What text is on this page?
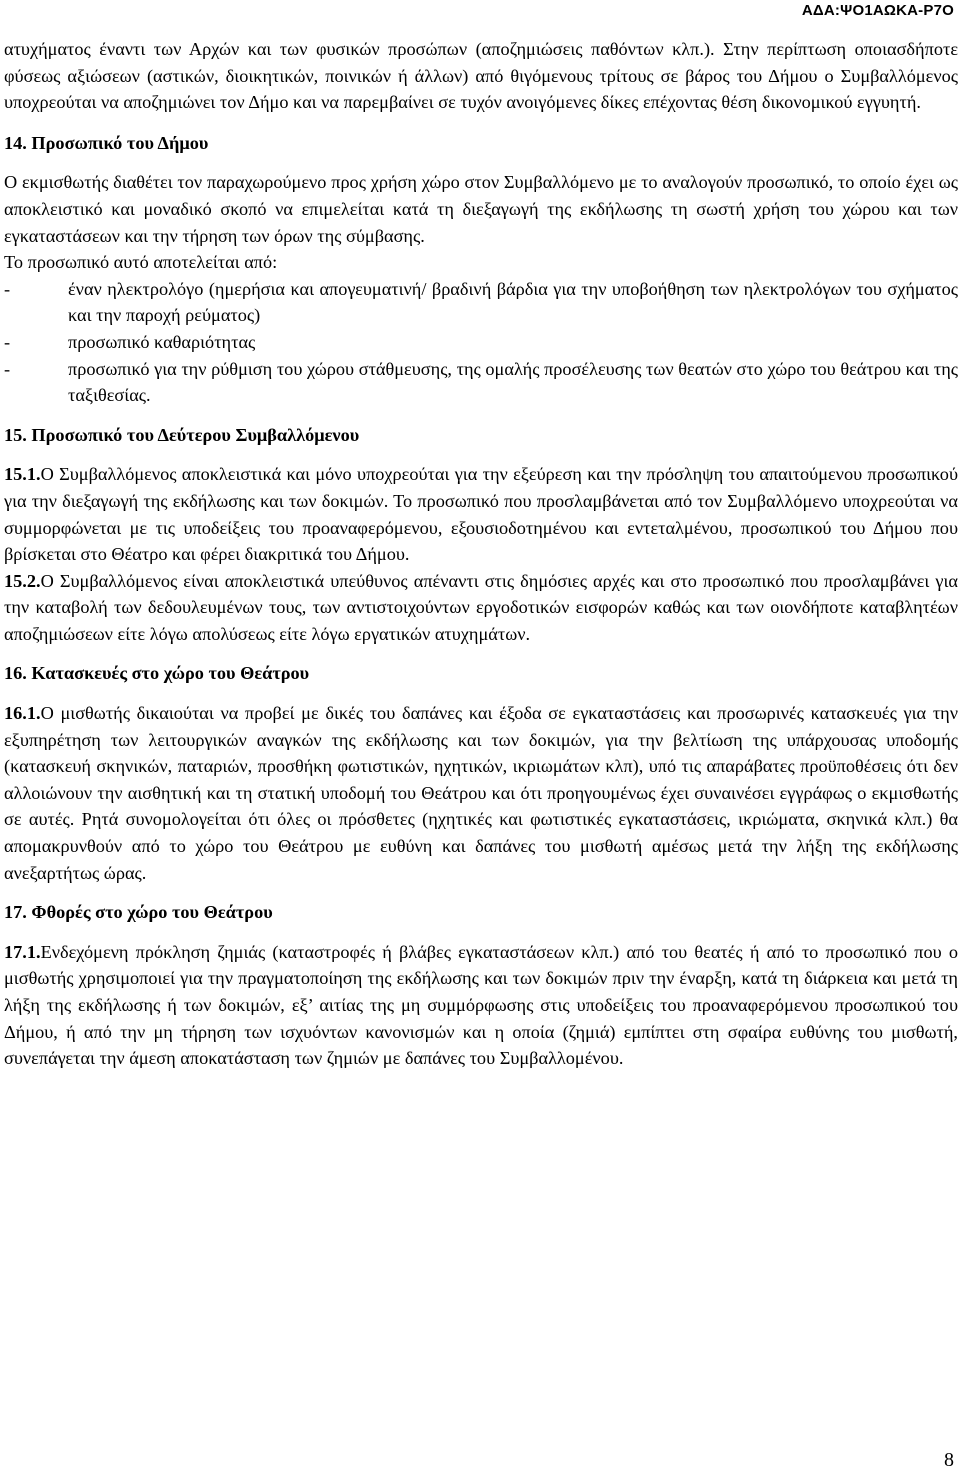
ΑΔΑ:ΨΟ1ΑΩΚΑ-Ρ7Ο

ατυχήματος έναντι των Αρχών και των φυσικών προσώπων (αποζημιώσεις παθόντων κλπ.). Στην περίπτωση οποιασδήποτε φύσεως αξιώσεων (αστικών, διοικητικών, ποινικών ή άλλων) από θιγόμενους τρίτους σε βάρος του Δήμου ο Συμβαλλόμενος υποχρεούται να αποζημιώνει τον Δήμο και να παρεμβαίνει σε τυχόν ανοιγόμενες δίκες επέχοντας θέση δικονομικού εγγυητή.

14. Προσωπικό του Δήμου

Ο εκμισθωτής διαθέτει τον παραχωρούμενο προς χρήση χώρο στον Συμβαλλόμενο με το αναλογούν προσωπικό, το οποίο έχει ως αποκλειστικό και μοναδικό σκοπό να επιμελείται κατά τη διεξαγωγή της εκδήλωσης τη σωστή χρήση του χώρου και των εγκαταστάσεων και την τήρηση των όρων της σύμβασης.

Το προσωπικό αυτό αποτελείται από:

-	έναν ηλεκτρολόγο (ημερήσια και απογευματινή/ βραδινή βάρδια για την υποβοήθηση των ηλεκτρολόγων του σχήματος και την παροχή ρεύματος)
-	προσωπικό καθαριότητας
-	προσωπικό για την ρύθμιση του χώρου στάθμευσης, της ομαλής προσέλευσης των θεατών στο χώρο του θεάτρου και της ταξιθεσίας.

15. Προσωπικό του Δεύτερου Συμβαλλόμενου

15.1.Ο Συμβαλλόμενος αποκλειστικά και μόνο υποχρεούται για την εξεύρεση και την πρόσληψη του απαιτούμενου προσωπικού για την διεξαγωγή της εκδήλωσης και των δοκιμών. Το προσωπικό που προσλαμβάνεται από τον Συμβαλλόμενο υποχρεούται να συμμορφώνεται με τις υποδείξεις του προαναφερόμενου, εξουσιοδοτημένου και εντεταλμένου, προσωπικού του Δήμου που βρίσκεται στο Θέατρο και φέρει διακριτικά του Δήμου.

15.2.Ο Συμβαλλόμενος είναι αποκλειστικά υπεύθυνος απέναντι στις δημόσιες αρχές και στο προσωπικό που προσλαμβάνει για την καταβολή των δεδουλευμένων τους, των αντιστοιχούντων εργοδοτικών εισφορών καθώς και των οιονδήποτε καταβλητέων αποζημιώσεων είτε λόγω απολύσεως είτε λόγω εργατικών ατυχημάτων.

16. Κατασκευές στο χώρο του Θεάτρου

16.1.Ο μισθωτής δικαιούται να προβεί με δικές του δαπάνες και έξοδα σε εγκαταστάσεις και προσωρινές κατασκευές για την εξυπηρέτηση των λειτουργικών αναγκών της εκδήλωσης και των δοκιμών, για την βελτίωση της υπάρχουσας υποδομής (κατασκευή σκηνικών, παταριών, προσθήκη φωτιστικών, ηχητικών, ικριωμάτων κλπ), υπό τις απαράβατες προϋποθέσεις ότι δεν αλλοιώνουν την αισθητική και τη στατική υποδομή του Θεάτρου και ότι προηγουμένως έχει συναινέσει εγγράφως ο εκμισθωτής σε αυτές. Ρητά συνομολογείται ότι όλες οι πρόσθετες (ηχητικές και φωτιστικές εγκαταστάσεις, ικριώματα, σκηνικά κλπ.) θα απομακρυνθούν από το χώρο του Θεάτρου με ευθύνη και δαπάνες του μισθωτή αμέσως μετά την λήξη της εκδήλωσης ανεξαρτήτως ώρας.

17. Φθορές στο χώρο του Θεάτρου

17.1.Ενδεχόμενη πρόκληση ζημιάς (καταστροφές ή βλάβες εγκαταστάσεων κλπ.) από του θεατές ή από το προσωπικό που ο μισθωτής χρησιμοποιεί για την πραγματοποίηση της εκδήλωσης και των δοκιμών πριν την έναρξη, κατά τη διάρκεια και μετά τη λήξη της εκδήλωσης ή των δοκιμών, εξ’ αιτίας της μη συμμόρφωσης στις υποδείξεις του προαναφερόμενου προσωπικού του Δήμου, ή από την μη τήρηση των ισχυόντων κανονισμών και η οποία (ζημιά) εμπίπτει στη σφαίρα ευθύνης του μισθωτή, συνεπάγεται την άμεση αποκατάσταση των ζημιών με δαπάνες του Συμβαλλομένου.

8
